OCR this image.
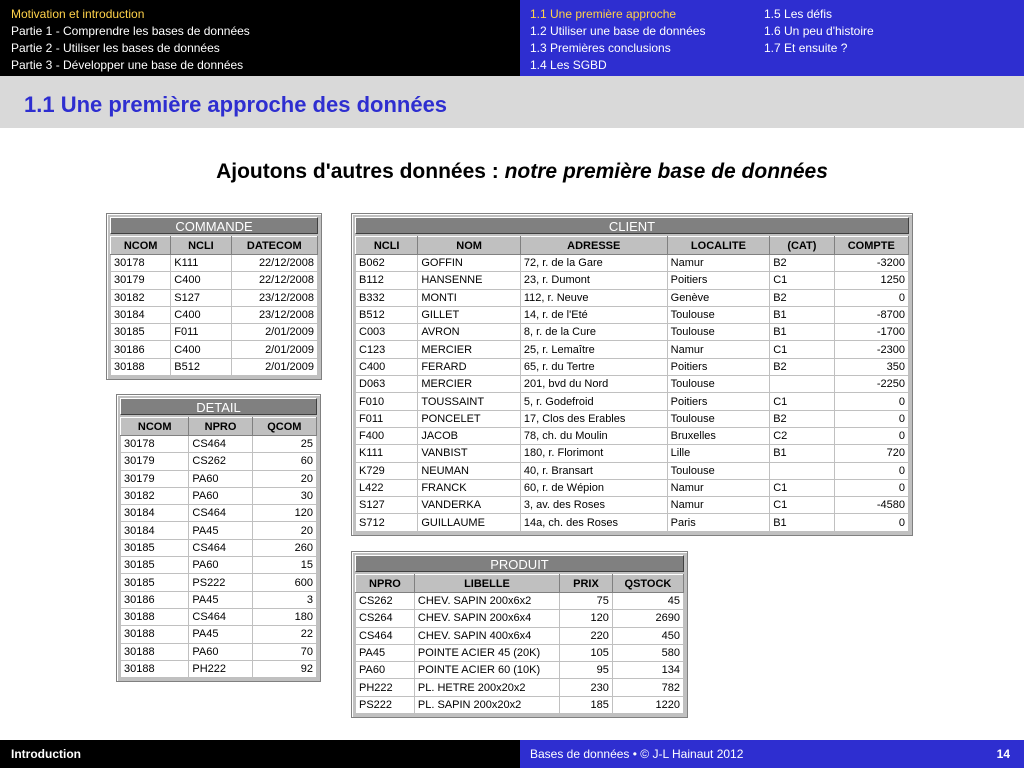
Motivation et introduction
Partie 1 - Comprendre les bases de données
Partie 2 - Utiliser les bases de données
Partie 3 - Développer une base de données
1.1 Une première approche
1.2 Utiliser une base de données
1.3 Premières conclusions
1.4 Les SGBD
1.5 Les défis
1.6 Un peu d'histoire
1.7 Et ensuite ?
1.1 Une première approche des données
Ajoutons d'autres données : notre première base de données
COMMANDE
NCOM	NCLI	DATECOM
30178	K111	22/12/2008
30179	C400	22/12/2008
30182	S127	23/12/2008
30184	C400	23/12/2008
30185	F011	2/01/2009
30186	C400	2/01/2009
30188	B512	2/01/2009
DETAIL
NCOM	NPRO	QCOM
30178	CS464	25
30179	CS262	60
30179	PA60	20
30182	PA60	30
30184	CS464	120
30184	PA45	20
30185	CS464	260
30185	PA60	15
30185	PS222	600
30186	PA45	3
30188	CS464	180
30188	PA45	22
30188	PA60	70
30188	PH222	92
CLIENT
NCLI	NOM	ADRESSE	LOCALITE	(CAT)	COMPTE
B062	GOFFIN	72, r. de la Gare	Namur	B2	-3200
B112	HANSENNE	23, r. Dumont	Poitiers	C1	1250
B332	MONTI	112, r. Neuve	Genève	B2	0
B512	GILLET	14, r. de l'Eté	Toulouse	B1	-8700
C003	AVRON	8, r. de la Cure	Toulouse	B1	-1700
C123	MERCIER	25, r. Lemaître	Namur	C1	-2300
C400	FERARD	65, r. du Tertre	Poitiers	B2	350
D063	MERCIER	201, bvd du Nord	Toulouse		-2250
F010	TOUSSAINT	5, r. Godefroid	Poitiers	C1	0
F011	PONCELET	17, Clos des Erables	Toulouse	B2	0
F400	JACOB	78, ch. du Moulin	Bruxelles	C2	0
K111	VANBIST	180, r. Florimont	Lille	B1	720
K729	NEUMAN	40, r. Bransart	Toulouse		0
L422	FRANCK	60, r. de Wépion	Namur	C1	0
S127	VANDERKA	3, av. des Roses	Namur	C1	-4580
S712	GUILLAUME	14a, ch. des Roses	Paris	B1	0
PRODUIT
NPRO	LIBELLE	PRIX	QSTOCK
CS262	CHEV. SAPIN 200x6x2	75	45
CS264	CHEV. SAPIN 200x6x4	120	2690
CS464	CHEV. SAPIN 400x6x4	220	450
PA45	POINTE ACIER 45 (20K)	105	580
PA60	POINTE ACIER 60 (10K)	95	134
PH222	PL. HETRE 200x20x2	230	782
PS222	PL. SAPIN 200x20x2	185	1220
Introduction	Bases de données • © J-L Hainaut 2012	14
